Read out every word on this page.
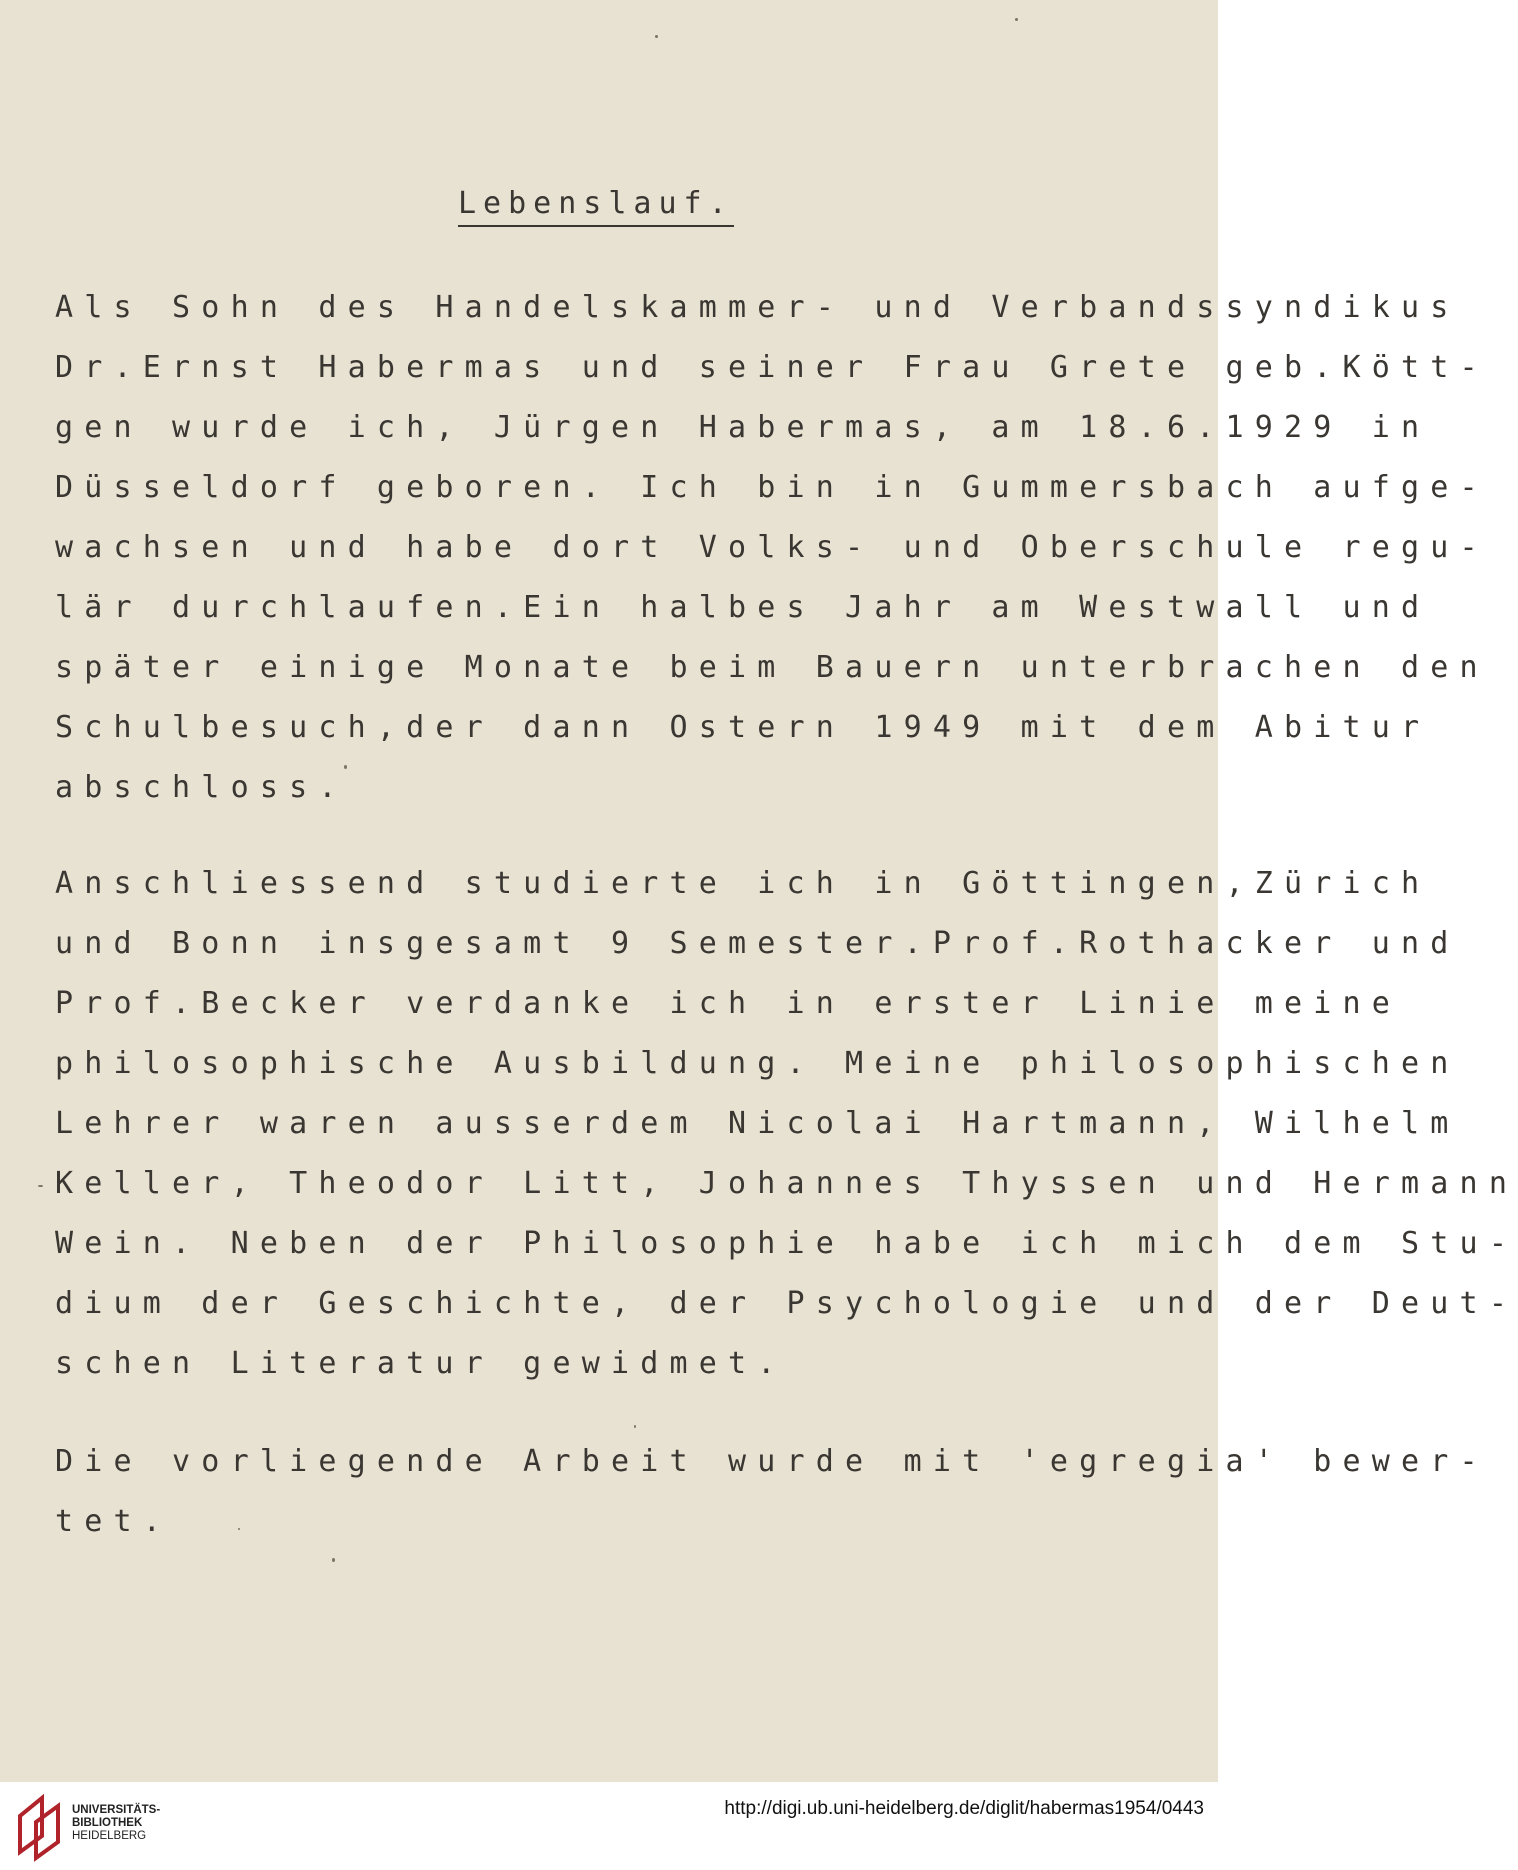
Lebenslauf.
Als Sohn des Handelskammer- und Verbandssyndikus
Dr.Ernst Habermas und seiner Frau Grete geb.Kött-
gen wurde ich, Jürgen Habermas, am 18.6.1929 in
Düsseldorf geboren. Ich bin in Gummersbach aufge-
wachsen und habe dort Volks- und Oberschule regu-
lär durchlaufen.Ein halbes Jahr am Westwall und
später einige Monate beim Bauern unterbrachen den
Schulbesuch,der dann Ostern 1949 mit dem Abitur
abschloss.
Anschliessend studierte ich in Göttingen,Zürich
und Bonn insgesamt 9 Semester.Prof.Rothacker und
Prof.Becker verdanke ich in erster Linie meine
philosophische Ausbildung. Meine philosophischen
Lehrer waren ausserdem Nicolai Hartmann, Wilhelm
Keller, Theodor Litt, Johannes Thyssen und Hermann
Wein. Neben der Philosophie habe ich mich dem Stu-
dium der Geschichte, der Psychologie und der Deut-
schen Literatur gewidmet.
Die vorliegende Arbeit wurde mit 'egregia' bewer-
tet.
UNIVERSITÄTS-
BIBLIOTHEK
HEIDELBERG
http://digi.ub.uni-heidelberg.de/diglit/habermas1954/0443
